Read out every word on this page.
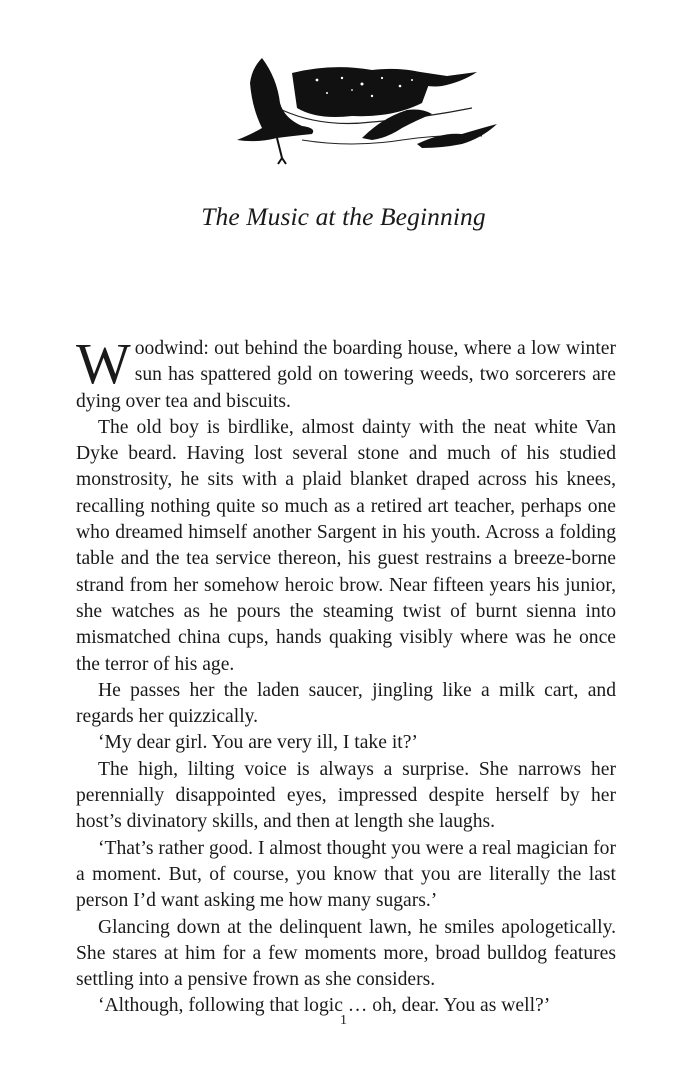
The Music at the Beginning

Woodwind: out behind the boarding house, where a low winter sun has spattered gold on towering weeds, two sorcerers are dying over tea and biscuits.

The old boy is birdlike, almost dainty with the neat white Van Dyke beard. Having lost several stone and much of his studied monstrosity, he sits with a plaid blanket draped across his knees, recalling nothing quite so much as a retired art teacher, perhaps one who dreamed himself another Sargent in his youth. Across a folding table and the tea service thereon, his guest restrains a breeze-borne strand from her somehow heroic brow. Near fifteen years his junior, she watches as he pours the steaming twist of burnt sienna into mismatched china cups, hands quaking visibly where was he once the terror of his age.

He passes her the laden saucer, jingling like a milk cart, and regards her quizzically.

‘My dear girl. You are very ill, I take it?’

The high, lilting voice is always a surprise. She narrows her perennially disappointed eyes, impressed despite herself by her host’s divinatory skills, and then at length she laughs.

‘That’s rather good. I almost thought you were a real magician for a moment. But, of course, you know that you are literally the last person I’d want asking me how many sugars.’

Glancing down at the delinquent lawn, he smiles apologetically. She stares at him for a few moments more, broad bulldog features settling into a pensive frown as she considers.

‘Although, following that logic … oh, dear. You as well?’

1
